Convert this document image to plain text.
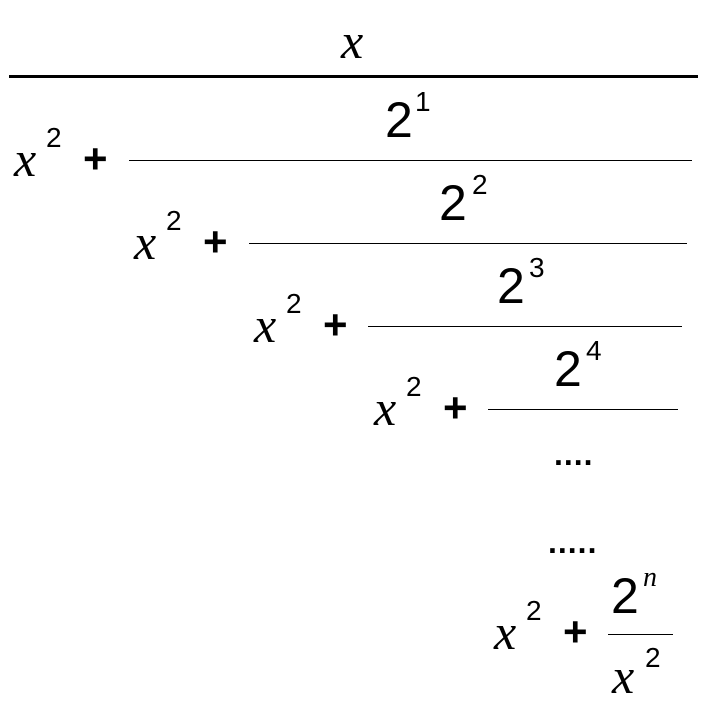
x
x 2 +
2 1
x 2 +
2 2
x 2 +
2 3
x 2 +
2 4
....
.....
x 2 +
2 n
x 2
